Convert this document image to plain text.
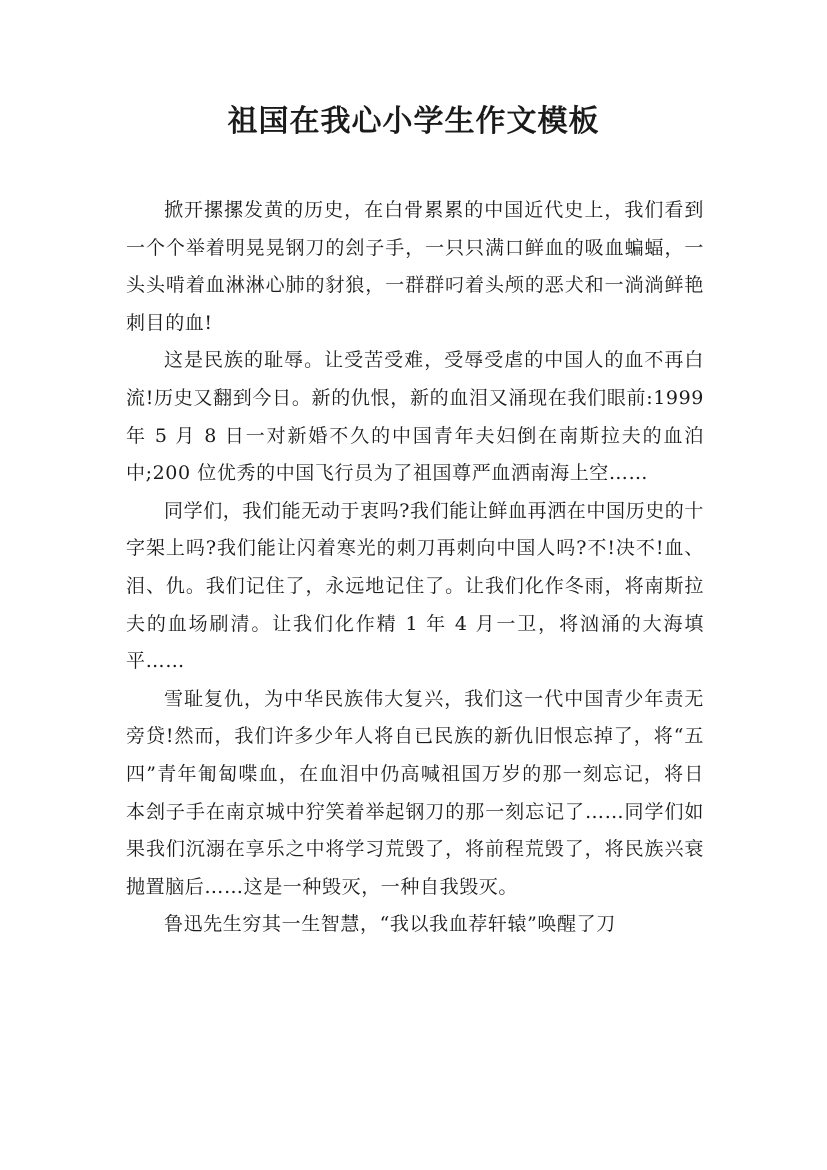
祖国在我心小学生作文模板

掀开摞摞发黄的历史，在白骨累累的中国近代史上，我们看到一个个举着明晃晃钢刀的刽子手，一只只满口鲜血的吸血蝙蝠，一头头啃着血淋淋心肺的豺狼，一群群叼着头颅的恶犬和一淌淌鲜艳刺目的血!

这是民族的耻辱。让受苦受难，受辱受虐的中国人的血不再白流!历史又翻到今日。新的仇恨，新的血泪又涌现在我们眼前:1999 年 5 月 8 日一对新婚不久的中国青年夫妇倒在南斯拉夫的血泊中;200 位优秀的中国飞行员为了祖国尊严血洒南海上空……

同学们，我们能无动于衷吗?我们能让鲜血再洒在中国历史的十字架上吗?我们能让闪着寒光的刺刀再刺向中国人吗?不!决不!血、泪、仇。我们记住了，永远地记住了。让我们化作冬雨，将南斯拉夫的血场刷清。让我们化作精 1 年 4 月一卫，将汹涌的大海填平……

雪耻复仇，为中华民族伟大复兴，我们这一代中国青少年责无旁贷!然而，我们许多少年人将自已民族的新仇旧恨忘掉了，将“五四”青年匍匐喋血，在血泪中仍高喊祖国万岁的那一刻忘记，将日本刽子手在南京城中狞笑着举起钢刀的那一刻忘记了……同学们如果我们沉溺在享乐之中将学习荒毁了，将前程荒毁了，将民族兴衰抛置脑后……这是一种毁灭，一种自我毁灭。

鲁迅先生穷其一生智慧，“我以我血荐轩辕”唤醒了刀
